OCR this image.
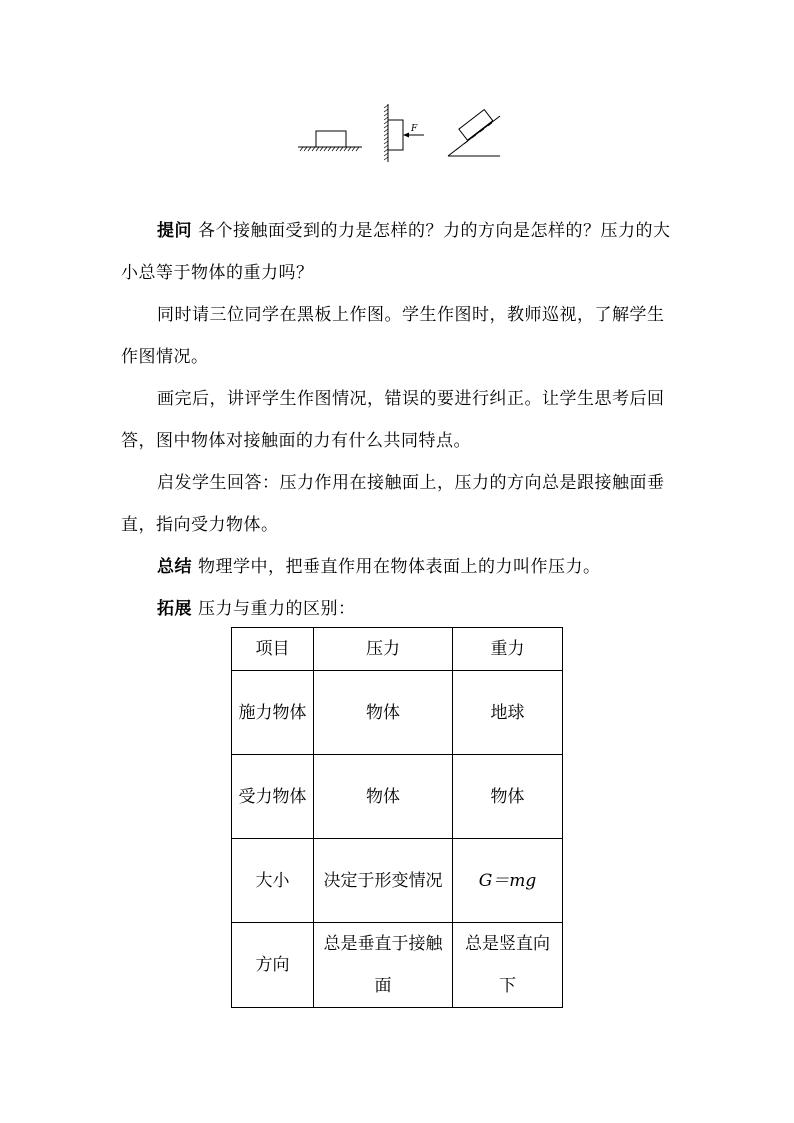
F

提问 各个接触面受到的力是怎样的？力的方向是怎样的？压力的大小总等于物体的重力吗？

同时请三位同学在黑板上作图。学生作图时，教师巡视，了解学生作图情况。

画完后，讲评学生作图情况，错误的要进行纠正。让学生思考后回答，图中物体对接触面的力有什么共同特点。

启发学生回答：压力作用在接触面上，压力的方向总是跟接触面垂直，指向受力物体。

总结 物理学中，把垂直作用在物体表面上的力叫作压力。

拓展 压力与重力的区别：

项目	压力	重力
施力物体	物体	地球
受力物体	物体	物体
大小	决定于形变情况	G＝mg
方向	总是垂直于接触面	总是竖直向下
